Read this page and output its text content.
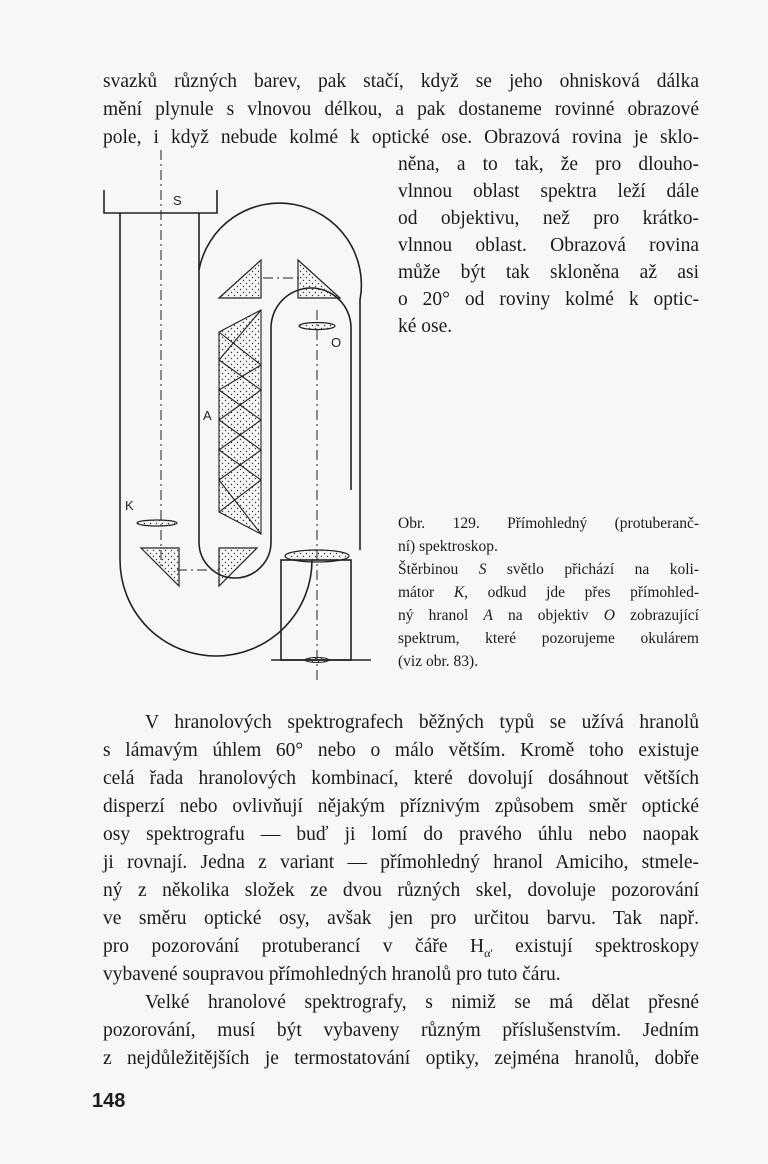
svazků různých barev, pak stačí, když se jeho ohnisková dálka
mění plynule s vlnovou délkou, a pak dostaneme rovinné obrazové
pole, i když nebude kolmé k optické ose. Obrazová rovina je sklo-
něna, a to tak, že pro dlouho-
vlnnou oblast spektra leží dále
od objektivu, než pro krátko-
vlnnou oblast. Obrazová rovina
může být tak skloněna až asi
o 20° od roviny kolmé k optic-
ké ose.
S
O
A
K
Obr. 129. Přímohledný (protuberanč-
ní) spektroskop.
Štěrbinou S světlo přichází na koli-
mátor K, odkud jde přes přímohled-
ný hranol A na objektiv O zobrazující
spektrum, které pozorujeme okulárem
(viz obr. 83).
V hranolových spektrografech běžných typů se užívá hranolů
s lámavým úhlem 60° nebo o málo větším. Kromě toho existuje
celá řada hranolových kombinací, které dovolují dosáhnout větších
disperzí nebo ovlivňují nějakým příznivým způsobem směr optické
osy spektrografu — buď ji lomí do pravého úhlu nebo naopak
ji rovnají. Jedna z variant — přímohledný hranol Amiciho, stmele-
ný z několika složek ze dvou různých skel, dovoluje pozorování
ve směru optické osy, avšak jen pro určitou barvu. Tak např.
pro pozorování protuberancí v čáře $H_{\alpha'}$ existují spektroskopy
vybavené soupravou přímohledných hranolů pro tuto čáru.
Velké hranolové spektrografy, s nimiž se má dělat přesné
pozorování, musí být vybaveny různým příslušenstvím. Jedním
z nejdůležitějších je termostatování optiky, zejména hranolů, dobře
148
